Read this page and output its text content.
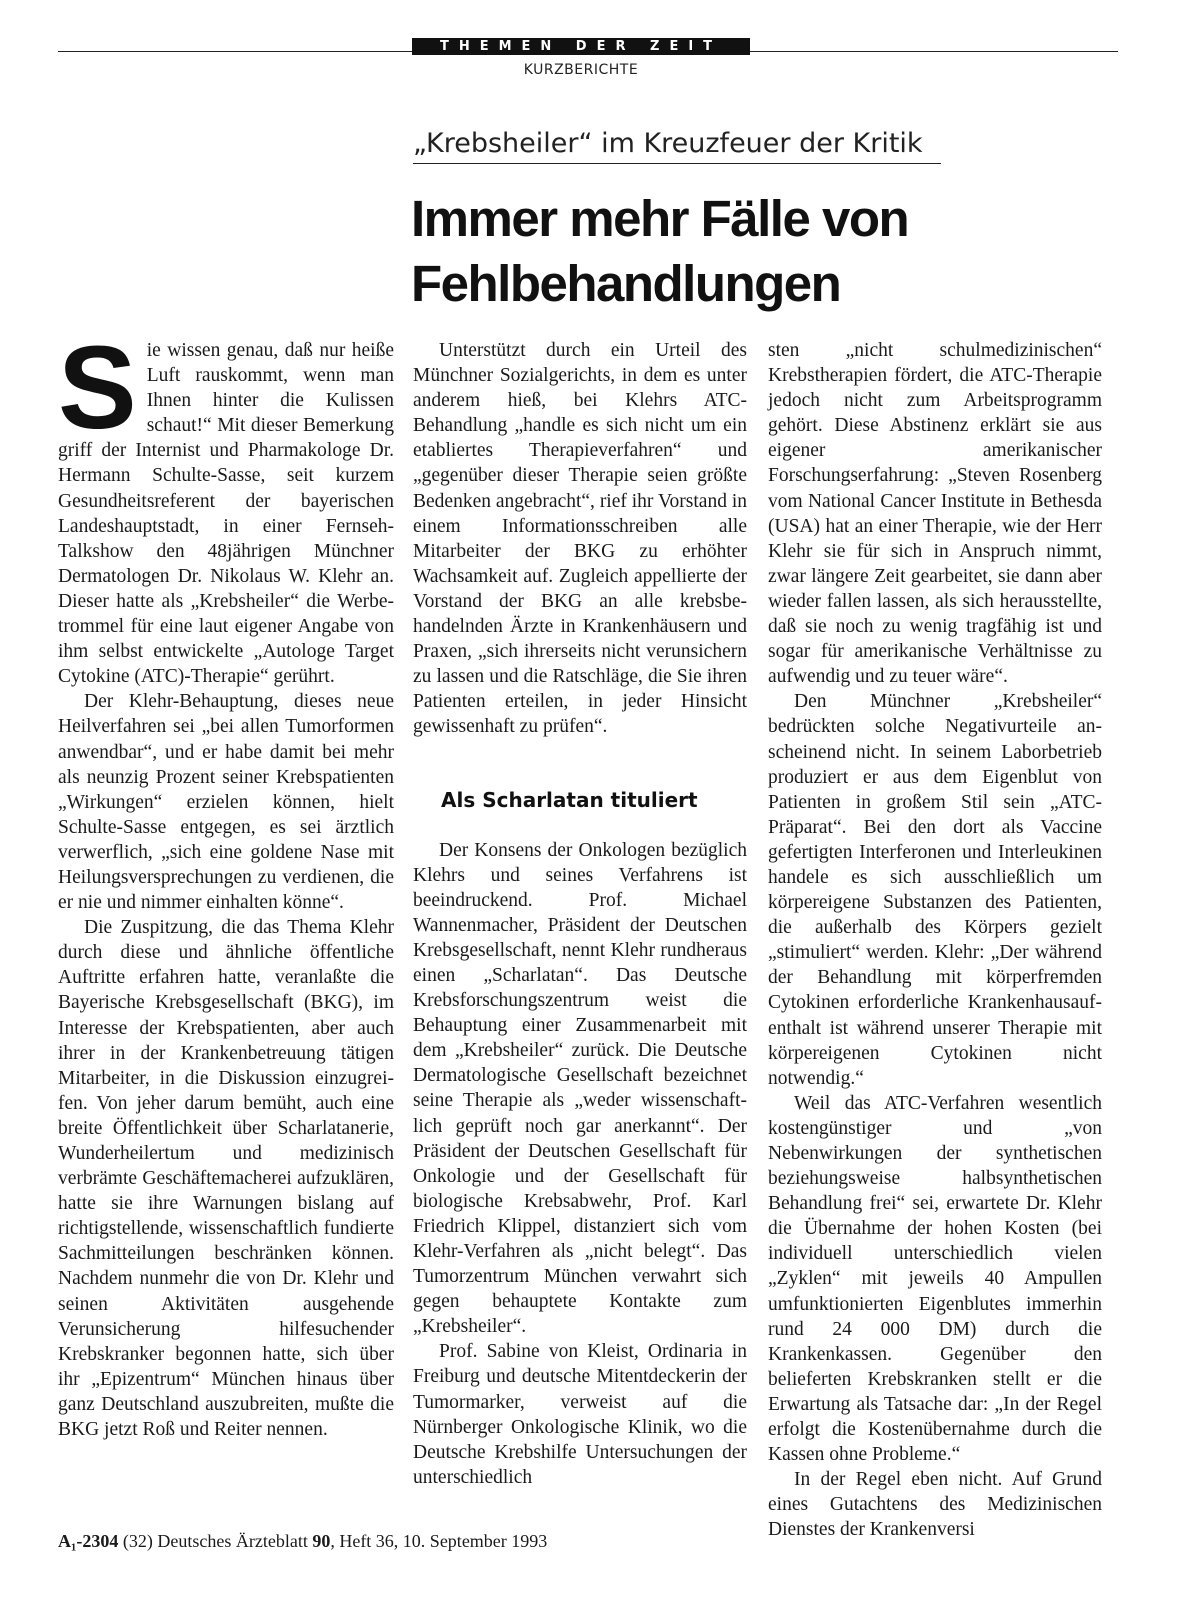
THEMEN DER ZEIT
KURZBERICHTE
„Krebsheiler“ im Kreuzfeuer der Kritik
Immer mehr Fälle von Fehlbehandlungen
S ie wissen genau, daß nur heiße Luft rauskommt, wenn man Ihnen hinter die Kulissen schaut!“ Mit dieser Bemerkung griff der Internist und Pharmakologe Dr. Hermann Schulte-Sasse, seit kurzem Gesundheitsreferent der bayerischen Landeshauptstadt, in einer Fernseh-Talkshow den 48jährigen Münchner Dermatologen Dr. Nikolaus W. Klehr an. Dieser hatte als „Krebsheiler“ die Werbetrommel für eine laut eigener Angabe von ihm selbst entwickelte „Autologe Target Cytokine (ATC)-Therapie“ gerührt.

Der Klehr-Behauptung, dieses neue Heilverfahren sei „bei allen Tumorformen anwendbar“, und er habe damit bei mehr als neunzig Prozent seiner Krebspatienten „Wirkungen“ erzielen können, hielt Schulte-Sasse entgegen, es sei ärztlich verwerflich, „sich eine goldene Nase mit Heilungsversprechungen zu verdienen, die er nie und nimmer einhalten könne“.

Die Zuspitzung, die das Thema Klehr durch diese und ähnliche öffentliche Auftritte erfahren hatte, veranlaßte die Bayerische Krebsgesellschaft (BKG), im Interesse der Krebspatienten, aber auch ihrer in der Krankenbetreuung tätigen Mitarbeiter, in die Diskussion einzugreifen. Von jeher darum bemüht, auch eine breite Öffentlichkeit über Scharlatanerie, Wunderheilertum und medizinisch verbrämte Geschäftemacherei aufzuklären, hatte sie ihre Warnungen bislang auf richtigstellende, wissenschaftlich fundierte Sachmitteilungen beschränken können. Nachdem nunmehr die von Dr. Klehr und seinen Aktivitäten ausgehende Verunsicherung hilfesuchender Krebskranker begonnen hatte, sich über ihr „Epizentrum“ München hinaus über ganz Deutschland auszubreiten, mußte die BKG jetzt Roß und Reiter nennen.

Unterstützt durch ein Urteil des Münchner Sozialgerichts, in dem es unter anderem hieß, bei Klehrs ATC-Behandlung „handle es sich nicht um ein etabliertes Therapieverfahren“ und „gegenüber dieser Therapie seien größte Bedenken angebracht“, rief ihr Vorstand in einem Informationsschreiben alle Mitarbeiter der BKG zu erhöhter Wachsamkeit auf. Zugleich appellierte der Vorstand der BKG an alle krebsbehandelnden Ärzte in Krankenhäusern und Praxen, „sich ihrerseits nicht verunsichern zu lassen und die Ratschläge, die Sie ihren Patienten erteilen, in jeder Hinsicht gewissenhaft zu prüfen“.

Als Scharlatan tituliert

Der Konsens der Onkologen bezüglich Klehrs und seines Verfahrens ist beeindruckend. Prof. Michael Wannenmacher, Präsident der Deutschen Krebsgesellschaft, nennt Klehr rundheraus einen „Scharlatan“. Das Deutsche Krebsforschungszentrum weist die Behauptung einer Zusammenarbeit mit dem „Krebsheiler“ zurück. Die Deutsche Dermatologische Gesellschaft bezeichnet seine Therapie als „weder wissenschaftlich geprüft noch gar anerkannt“. Der Präsident der Deutschen Gesellschaft für Onkologie und der Gesellschaft für biologische Krebsabwehr, Prof. Karl Friedrich Klippel, distanziert sich vom Klehr-Verfahren als „nicht belegt“. Das Tumorzentrum München verwahrt sich gegen behauptete Kontakte zum „Krebsheiler“.

Prof. Sabine von Kleist, Ordinaria in Freiburg und deutsche Mitentdeckerin der Tumormarker, verweist auf die Nürnberger Onkologische Klinik, wo die Deutsche Krebshilfe Untersuchungen der unterschiedlich

sten „nicht schulmedizinischen“ Krebstherapien fördert, die ATC-Therapie jedoch nicht zum Arbeitsprogramm gehört. Diese Abstinenz erklärt sie aus eigener amerikanischer Forschungserfahrung: „Steven Rosenberg vom National Cancer Institute in Bethesda (USA) hat an einer Therapie, wie der Herr Klehr sie für sich in Anspruch nimmt, zwar längere Zeit gearbeitet, sie dann aber wieder fallen lassen, als sich herausstellte, daß sie noch zu wenig tragfähig ist und sogar für amerikanische Verhältnisse zu aufwendig und zu teuer wäre“.

Den Münchner „Krebsheiler“ bedrückten solche Negativurteile anscheinend nicht. In seinem Laborbetrieb produziert er aus dem Eigenblut von Patienten in großem Stil sein „ATC-Präparat“. Bei den dort als Vaccine gefertigten Interferonen und Interleukinen handele es sich ausschließlich um körpereigene Substanzen des Patienten, die außerhalb des Körpers gezielt „stimuliert“ werden. Klehr: „Der während der Behandlung mit körperfremden Cytokinen erforderliche Krankenhausaufenthalt ist während unserer Therapie mit körpereigenen Cytokinen nicht notwendig.“

Weil das ATC-Verfahren wesentlich kostengünstiger und „von Nebenwirkungen der synthetischen beziehungsweise halbsynthetischen Behandlung frei“ sei, erwartete Dr. Klehr die Übernahme der hohen Kosten (bei individuell unterschiedlich vielen „Zyklen“ mit jeweils 40 Ampullen umfunktionierten Eigenblutes immerhin rund 24 000 DM) durch die Krankenkassen. Gegenüber den belieferten Krebskranken stellt er die Erwartung als Tatsache dar: „In der Regel erfolgt die Kostenübernahme durch die Kassen ohne Probleme.“

In der Regel eben nicht. Auf Grund eines Gutachtens des Medizinischen Dienstes der Krankenversi

A₁-2304 (32) Deutsches Ärzteblatt 90, Heft 36, 10. September 1993
